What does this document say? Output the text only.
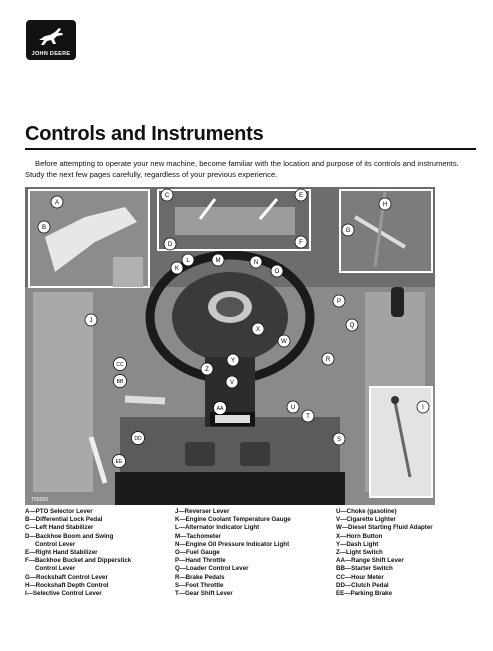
JOHN DEERE
Controls and Instruments

Before attempting to operate your new machine, become familiar with the location and purpose of its controls and instruments. Study the next few pages carefully, regardless of your previous experience.

A
B
C
D
E
F
G
H
I
J
K
L	M	N
O
P
Q
R
S
T
U
V
W
X
Y
Z
AA
BB
CC
DD
EE
T55093
A—PTO Selector Lever
B—Differential Lock Pedal
C—Left Hand Stabilizer
D—Backhoe Boom and Swing
Control Lever
E—Right Hand Stabilizer
F—Backhoe Bucket and Dipperstick
Control Lever
G—Rockshaft Control Lever
H—Rockshaft Depth Control
I—Selective Control Lever
J—Reverser Lever
K—Engine Coolant Temperature Gauge
L—Alternator Indicator Light
M—Tachometer
N—Engine Oil Pressure Indicator Light
O—Fuel Gauge
P—Hand Throttle
Q—Loader Control Lever
R—Brake Pedals
S—Foot Throttle
T—Gear Shift Lever
U—Choke (gasoline)
V—Cigarette Lighter
W—Diesel Starting Fluid Adapter
X—Horn Button
Y—Dash Light
Z—Light Switch
AA—Range Shift Lever
BB—Starter Switch
CC—Hour Meter
DD—Clutch Pedal
EE—Parking Brake
